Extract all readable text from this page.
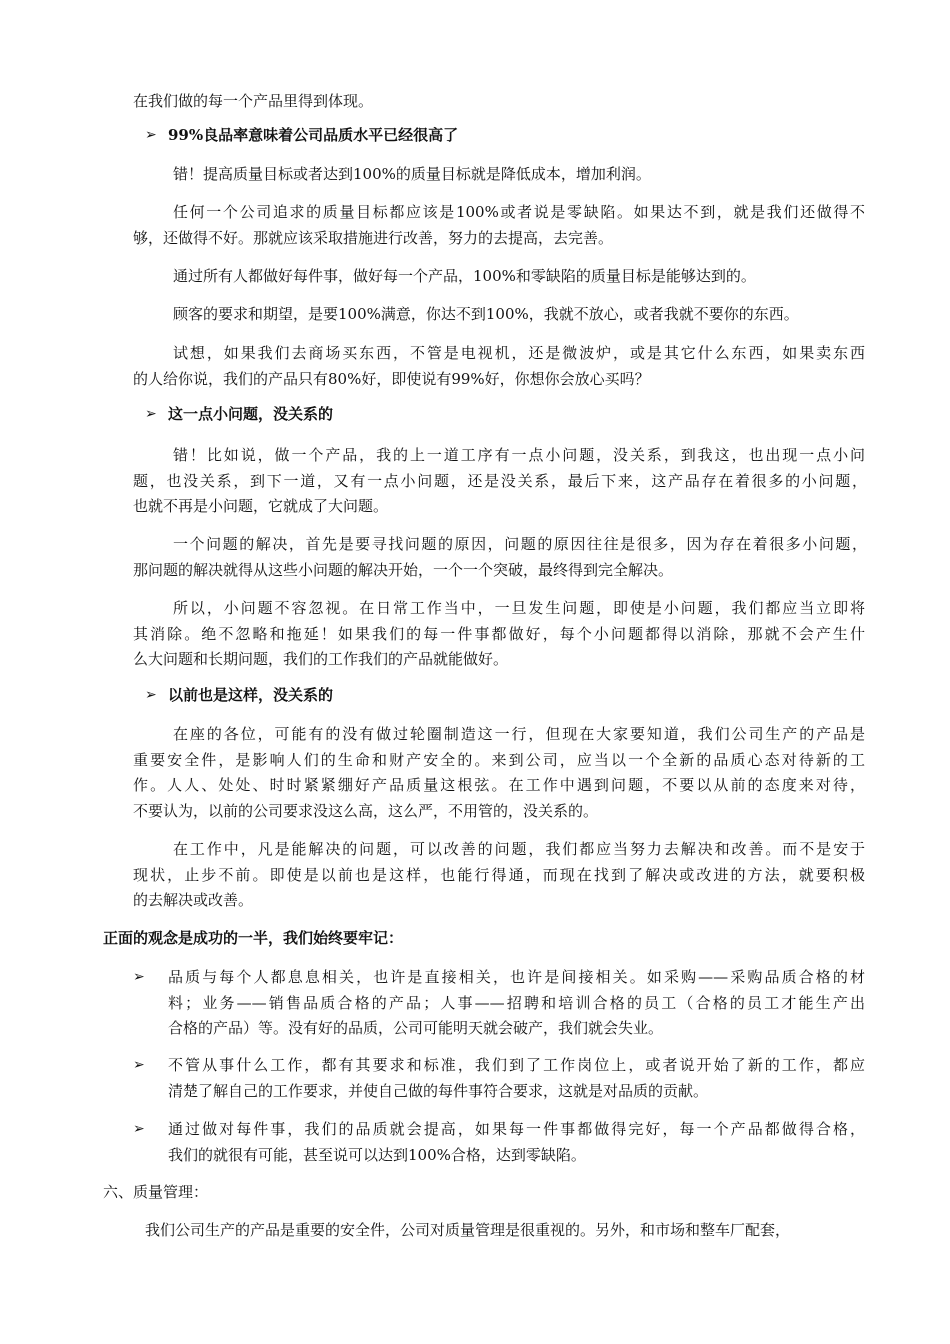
在我们做的每一个产品里得到体现。
➢ 99%良品率意味着公司品质水平已经很高了
错！提高质量目标或者达到100%的质量目标就是降低成本，增加利润。
任何一个公司追求的质量目标都应该是100%或者说是零缺陷。如果达不到，就是我们还做得不
够，还做得不好。那就应该采取措施进行改善，努力的去提高，去完善。
通过所有人都做好每件事，做好每一个产品，100%和零缺陷的质量目标是能够达到的。
顾客的要求和期望，是要100%满意，你达不到100%，我就不放心，或者我就不要你的东西。
试想，如果我们去商场买东西，不管是电视机，还是微波炉，或是其它什么东西，如果卖东西
的人给你说，我们的产品只有80%好，即使说有99%好，你想你会放心买吗？
➢ 这一点小问题，没关系的
错！比如说，做一个产品，我的上一道工序有一点小问题，没关系，到我这，也出现一点小问
题，也没关系，到下一道，又有一点小问题，还是没关系，最后下来，这产品存在着很多的小问题，
也就不再是小问题，它就成了大问题。
一个问题的解决，首先是要寻找问题的原因，问题的原因往往是很多，因为存在着很多小问题，
那问题的解决就得从这些小问题的解决开始，一个一个突破，最终得到完全解决。
所以，小问题不容忽视。在日常工作当中，一旦发生问题，即使是小问题，我们都应当立即将
其消除。绝不忽略和拖延！如果我们的每一件事都做好，每个小问题都得以消除，那就不会产生什
么大问题和长期问题，我们的工作我们的产品就能做好。
➢ 以前也是这样，没关系的
在座的各位，可能有的没有做过轮圈制造这一行，但现在大家要知道，我们公司生产的产品是
重要安全件，是影响人们的生命和财产安全的。来到公司，应当以一个全新的品质心态对待新的工
作。人人、处处、时时紧紧绷好产品质量这根弦。在工作中遇到问题，不要以从前的态度来对待，
不要认为，以前的公司要求没这么高，这么严，不用管的，没关系的。
在工作中，凡是能解决的问题，可以改善的问题，我们都应当努力去解决和改善。而不是安于
现状，止步不前。即使是以前也是这样，也能行得通，而现在找到了解决或改进的方法，就要积极
的去解决或改善。
正面的观念是成功的一半，我们始终要牢记：
➢ 品质与每个人都息息相关，也许是直接相关，也许是间接相关。如采购——采购品质合格的材
料；业务——销售品质合格的产品；人事——招聘和培训合格的员工（合格的员工才能生产出
合格的产品）等。没有好的品质，公司可能明天就会破产，我们就会失业。
➢ 不管从事什么工作，都有其要求和标准，我们到了工作岗位上，或者说开始了新的工作，都应
清楚了解自己的工作要求，并使自己做的每件事符合要求，这就是对品质的贡献。
➢ 通过做对每件事，我们的品质就会提高，如果每一件事都做得完好，每一个产品都做得合格，
我们的就很有可能，甚至说可以达到100%合格，达到零缺陷。
六、质量管理：
我们公司生产的产品是重要的安全件，公司对质量管理是很重视的。另外，和市场和整车厂配套，
